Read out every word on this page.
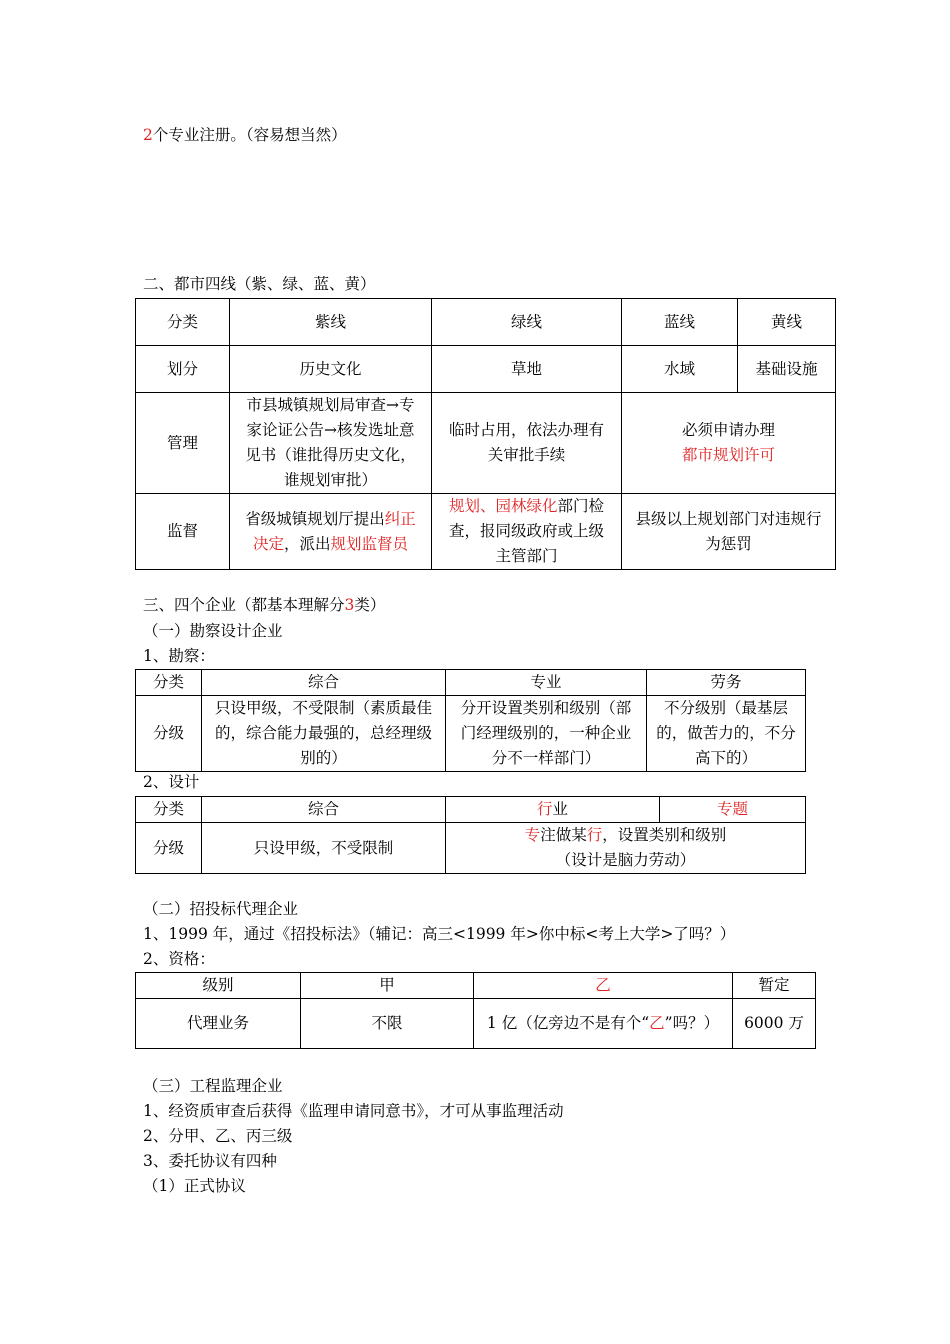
2个专业注册。（容易想当然）
二、都市四线（紫、绿、蓝、黄）
分类	紫线	绿线	蓝线	黄线
划分	历史文化	草地	水域	基础设施
管理	市县城镇规划局审查→专家论证公告→核发选址意见书（谁批得历史文化，谁规划审批）	临时占用，依法办理有关审批手续	必须申请办理
都市规划许可	

监督	省级城镇规划厅提出纠正决定，派出规划监督员	规划、园林绿化部门检查，报同级政府或上级主管部门	县级以上规划部门对违规行为惩罚	
三、四个企业（都基本理解分3类）
（一）勘察设计企业
1、勘察：
分类	综合	专业	劳务
分级	只设甲级，不受限制（素质最佳的，综合能力最强的，总经理级别的）	分开设置类别和级别（部门经理级别的，一种企业分不一样部门）	不分级别（最基层的，做苦力的，不分高下的）
2、设计
分类	综合	行业	专题
分级	只设甲级，不受限制	专注做某行，设置类别和级别
（设计是脑力劳动）	
（二）招投标代理企业
1、1999 年，通过《招投标法》（辅记：高三<1999 年>你中标<考上大学>了吗？）
2、资格：
级别	甲	乙	暂定
代理业务	不限	1 亿（亿旁边不是有个“乙”吗？）	6000 万
（三）工程监理企业
1、经资质审查后获得《监理申请同意书》，才可从事监理活动
2、分甲、乙、丙三级
3、委托协议有四种
（1）正式协议
